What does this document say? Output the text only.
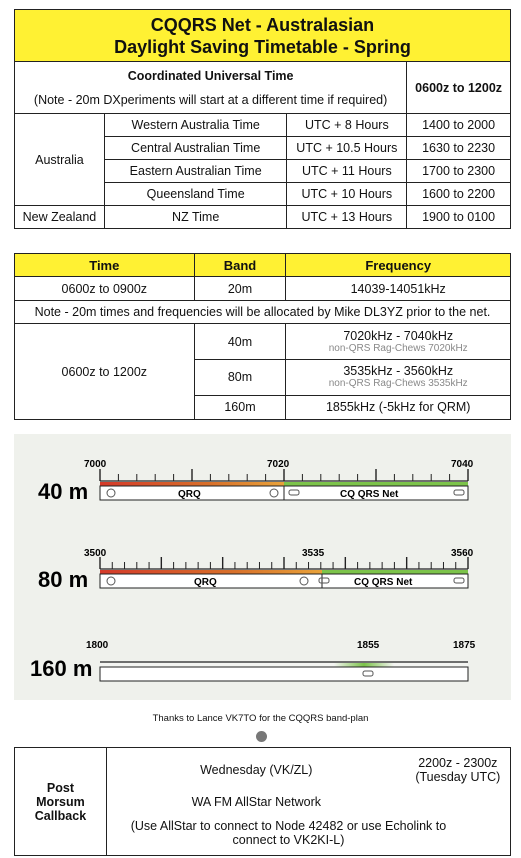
CQQRS Net - Australasian
Daylight Saving Timetable - Spring
Coordinated Universal Time
(Note - 20m DXperiments will start at a different time if required)			0600z to 1200z
Australia	Western Australia Time	UTC + 8 Hours	1400 to 2000
	Central Australian Time	UTC + 10.5 Hours	1630 to 2230
	Eastern Australian Time	UTC + 11 Hours	1700 to 2300
	Queensland Time	UTC + 10 Hours	1600 to 2200
New Zealand	NZ Time	UTC + 13 Hours	1900 to 0100
Time	Band	Frequency
0600z to 0900z	20m	14039-14051kHz
Note - 20m times and frequencies will be allocated by Mike DL3YZ prior to the net.		
0600z to 1200z	40m	7020kHz - 7040kHz
non-QRS Rag-Chews 7020kHz

	80m	3535kHz - 3560kHz
non-QRS Rag-Chews 3535kHz

	160m	1855kHz (-5kHz for QRM)
40 m
7000	7020	7040
QRQ	CQ QRS Net
80 m
3500	3535	3560
QRQ	CQ QRS Net
160 m
1800	1855	1875
Thanks to Lance VK7TO for the CQQRS band-plan
Post Morsum Callback	Wednesday (VK/ZL)	2200z - 2300z
(Tuesday UTC)

	WA FM AllStar Network	
	(Use AllStar to connect to Node 42482 or use Echolink to connect to VK2KI-L)	
